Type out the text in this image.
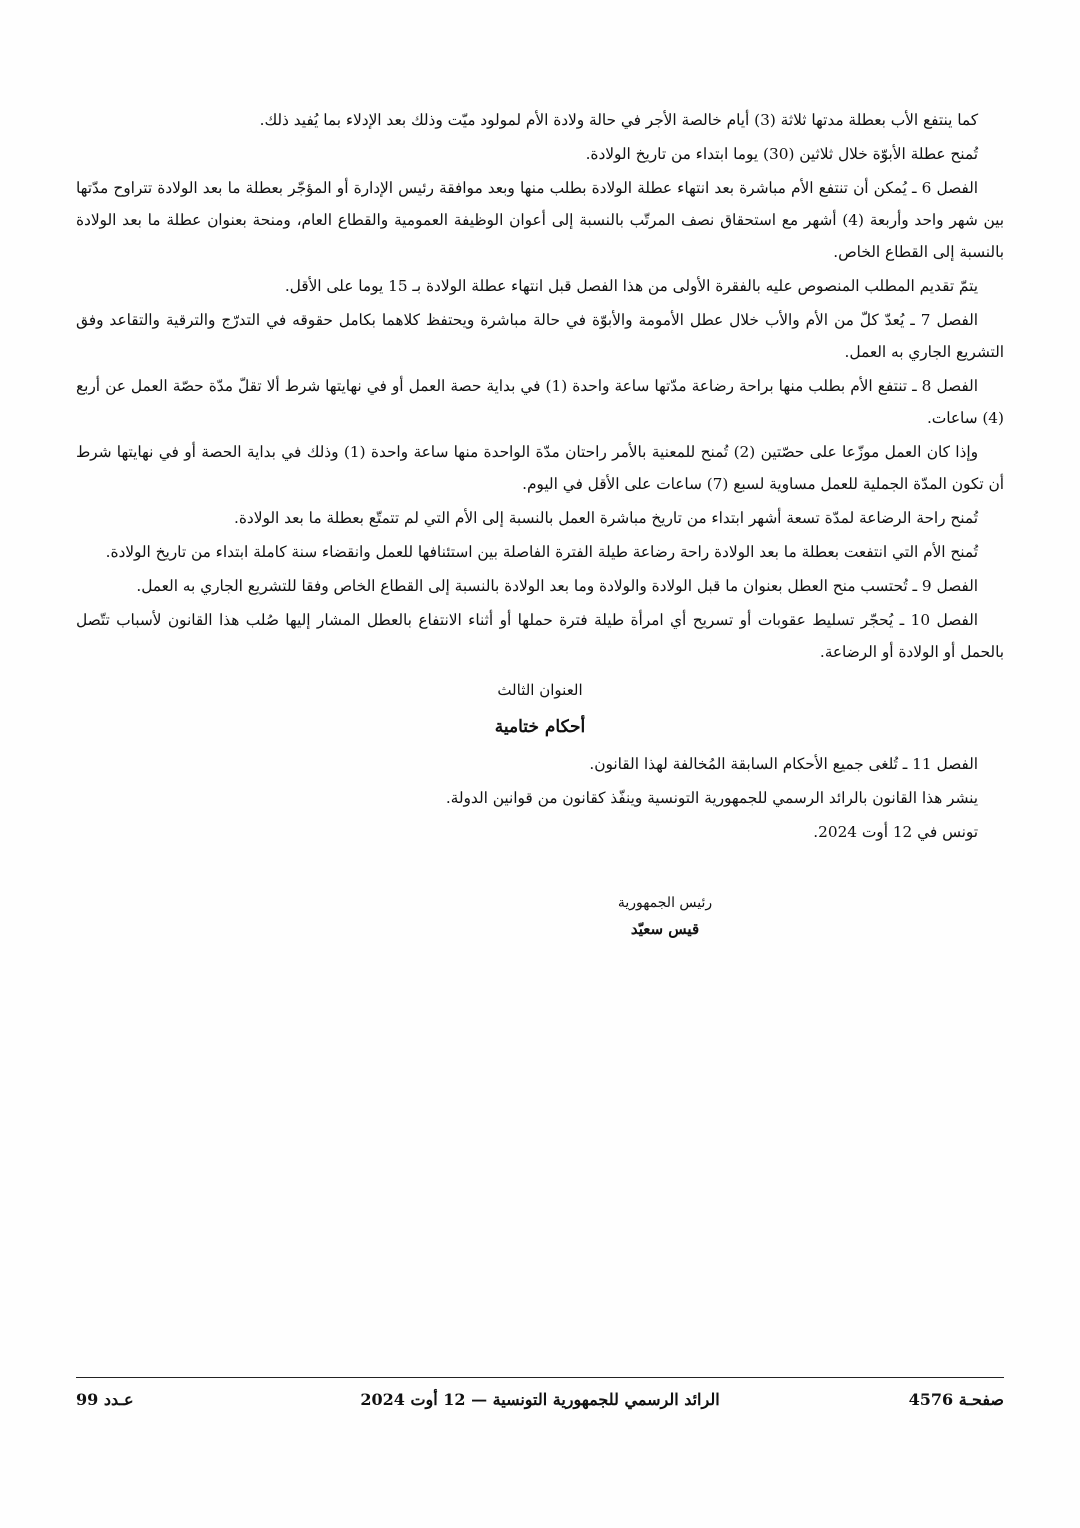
كما ينتفع الأب بعطلة مدتها ثلاثة (3) أيام خالصة الأجر في حالة ولادة الأم لمولود ميّت وذلك بعد الإدلاء بما يُفيد ذلك.

تُمنح عطلة الأبوّة خلال ثلاثين (30) يوما ابتداء من تاريخ الولادة.

الفصل 6 ـ يُمكن أن تنتفع الأم مباشرة بعد انتهاء عطلة الولادة بطلب منها وبعد موافقة رئيس الإدارة أو المؤجّر بعطلة ما بعد الولادة تتراوح مدّتها بين شهر واحد وأربعة (4) أشهر مع استحقاق نصف المرتّب بالنسبة إلى أعوان الوظيفة العمومية والقطاع العام، ومنحة بعنوان عطلة ما بعد الولادة بالنسبة إلى القطاع الخاص.

يتمّ تقديم المطلب المنصوص عليه بالفقرة الأولى من هذا الفصل قبل انتهاء عطلة الولادة بـ 15 يوما على الأقل.

الفصل 7 ـ يُعدّ كلّ من الأم والأب خلال عطل الأمومة والأبوّة في حالة مباشرة ويحتفظ كلاهما بكامل حقوقه في التدرّج والترقية والتقاعد وفق التشريع الجاري به العمل.

الفصل 8 ـ تنتفع الأم بطلب منها براحة رضاعة مدّتها ساعة واحدة (1) في بداية حصة العمل أو في نهايتها شرط ألا تقلّ مدّة حصّة العمل عن أربع (4) ساعات.

وإذا كان العمل موزّعا على حصّتين (2) تُمنح للمعنية بالأمر راحتان مدّة الواحدة منها ساعة واحدة (1) وذلك في بداية الحصة أو في نهايتها شرط أن تكون المدّة الجملية للعمل مساوية لسبع (7) ساعات على الأقل في اليوم.

تُمنح راحة الرضاعة لمدّة تسعة أشهر ابتداء من تاريخ مباشرة العمل بالنسبة إلى الأم التي لم تتمتّع بعطلة ما بعد الولادة.

تُمنح الأم التي انتفعت بعطلة ما بعد الولادة راحة رضاعة طيلة الفترة الفاصلة بين استئنافها للعمل وانقضاء سنة كاملة ابتداء من تاريخ الولادة.

الفصل 9 ـ تُحتسب منح العطل بعنوان ما قبل الولادة والولادة وما بعد الولادة بالنسبة إلى القطاع الخاص وفقا للتشريع الجاري به العمل.

الفصل 10 ـ يُحجّر تسليط عقوبات أو تسريح أي امرأة طيلة فترة حملها أو أثناء الانتفاع بالعطل المشار إليها صُلب هذا القانون لأسباب تتّصل بالحمل أو الولادة أو الرضاعة.

العنوان الثالث
أحكام ختامية

الفصل 11 ـ تُلغى جميع الأحكام السابقة المُخالفة لهذا القانون.

ينشر هذا القانون بالرائد الرسمي للجمهورية التونسية وينفّذ كقانون من قوانين الدولة.

تونس في 12 أوت 2024.

رئيس الجمهورية
قيس سعيّد
صفحـة 4576
الرائد الرسمي للجمهورية التونسية — 12 أوت 2024
عـدد 99
